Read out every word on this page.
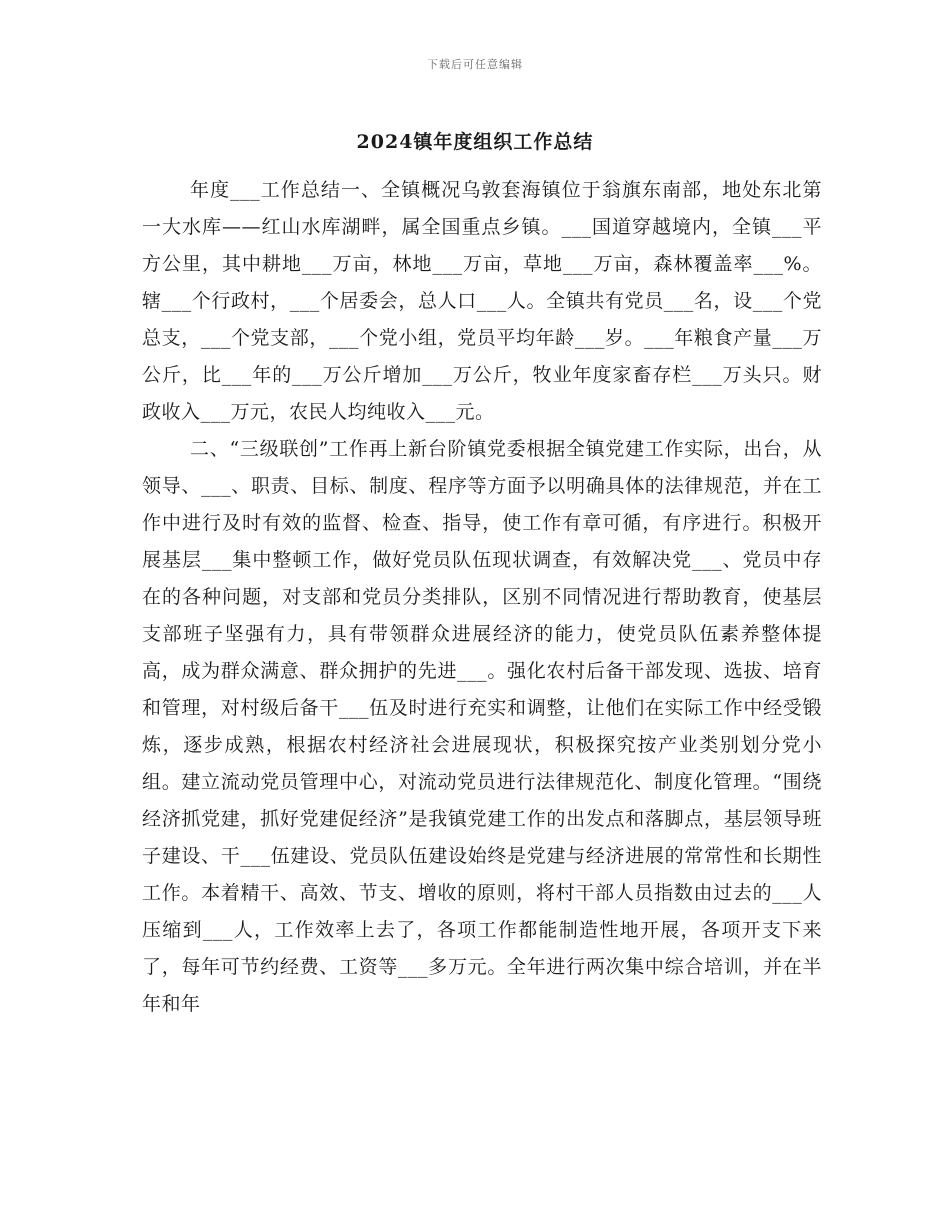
下载后可任意编辑
2024镇年度组织工作总结

年度___工作总结一、全镇概况乌敦套海镇位于翁旗东南部，地处东北第一大水库——红山水库湖畔，属全国重点乡镇。___国道穿越境内，全镇___平方公里，其中耕地___万亩，林地___万亩，草地___万亩，森林覆盖率___%。辖___个行政村，___个居委会，总人口___人。全镇共有党员___名，设___个党总支，___个党支部，___个党小组，党员平均年龄___岁。___年粮食产量___万公斤，比___年的___万公斤增加___万公斤，牧业年度家畜存栏___万头只。财政收入___万元，农民人均纯收入___元。

二、“三级联创”工作再上新台阶镇党委根据全镇党建工作实际，出台，从领导、___、职责、目标、制度、程序等方面予以明确具体的法律规范，并在工作中进行及时有效的监督、检查、指导，使工作有章可循，有序进行。积极开展基层___集中整顿工作，做好党员队伍现状调查，有效解决党___、党员中存在的各种问题，对支部和党员分类排队，区别不同情况进行帮助教育，使基层支部班子坚强有力，具有带领群众进展经济的能力，使党员队伍素养整体提高，成为群众满意、群众拥护的先进___。强化农村后备干部发现、选拔、培育和管理，对村级后备干___伍及时进行充实和调整，让他们在实际工作中经受锻炼，逐步成熟，根据农村经济社会进展现状，积极探究按产业类别划分党小组。建立流动党员管理中心，对流动党员进行法律规范化、制度化管理。“围绕经济抓党建，抓好党建促经济”是我镇党建工作的出发点和落脚点，基层领导班子建设、干___伍建设、党员队伍建设始终是党建与经济进展的常常性和长期性工作。本着精干、高效、节支、增收的原则，将村干部人员指数由过去的___人压缩到___人，工作效率上去了，各项工作都能制造性地开展，各项开支下来了，每年可节约经费、工资等___多万元。全年进行两次集中综合培训，并在半年和年
